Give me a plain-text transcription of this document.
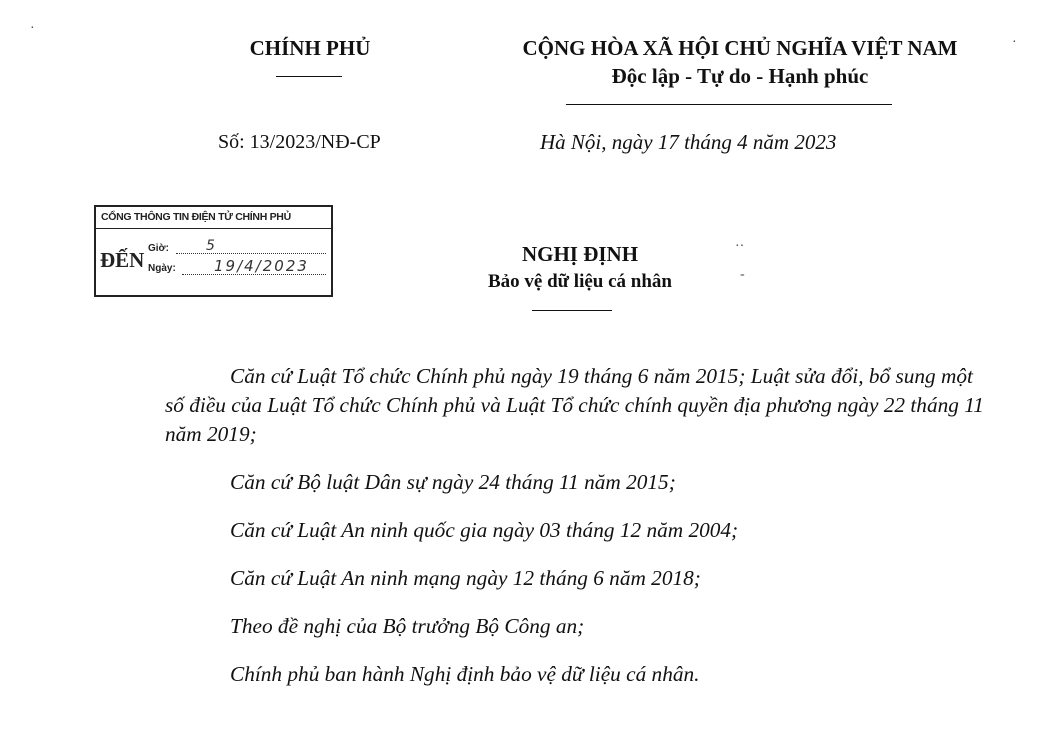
CHÍNH PHỦ	CỘNG HÒA XÃ HỘI CHỦ NGHĨA VIỆT NAM
Độc lập - Tự do - Hạnh phúc
Số: 13/2023/NĐ-CP	Hà Nội, ngày 17 tháng 4 năm 2023
CỔNG THÔNG TIN ĐIỆN TỬ CHÍNH PHỦ
ĐẾN Giờ:	5
Ngày:	19/4/2023	NGHỊ ĐỊNH
Bảo vệ dữ liệu cá nhân

Căn cứ Luật Tổ chức Chính phủ ngày 19 tháng 6 năm 2015; Luật sửa đổi, bổ sung một số điều của Luật Tổ chức Chính phủ và Luật Tổ chức chính quyền địa phương ngày 22 tháng 11 năm 2019;

Căn cứ Bộ luật Dân sự ngày 24 tháng 11 năm 2015;

Căn cứ Luật An ninh quốc gia ngày 03 tháng 12 năm 2004;

Căn cứ Luật An ninh mạng ngày 12 tháng 6 năm 2018;

Theo đề nghị của Bộ trưởng Bộ Công an;

Chính phủ ban hành Nghị định bảo vệ dữ liệu cá nhân.

·
·
··
-
